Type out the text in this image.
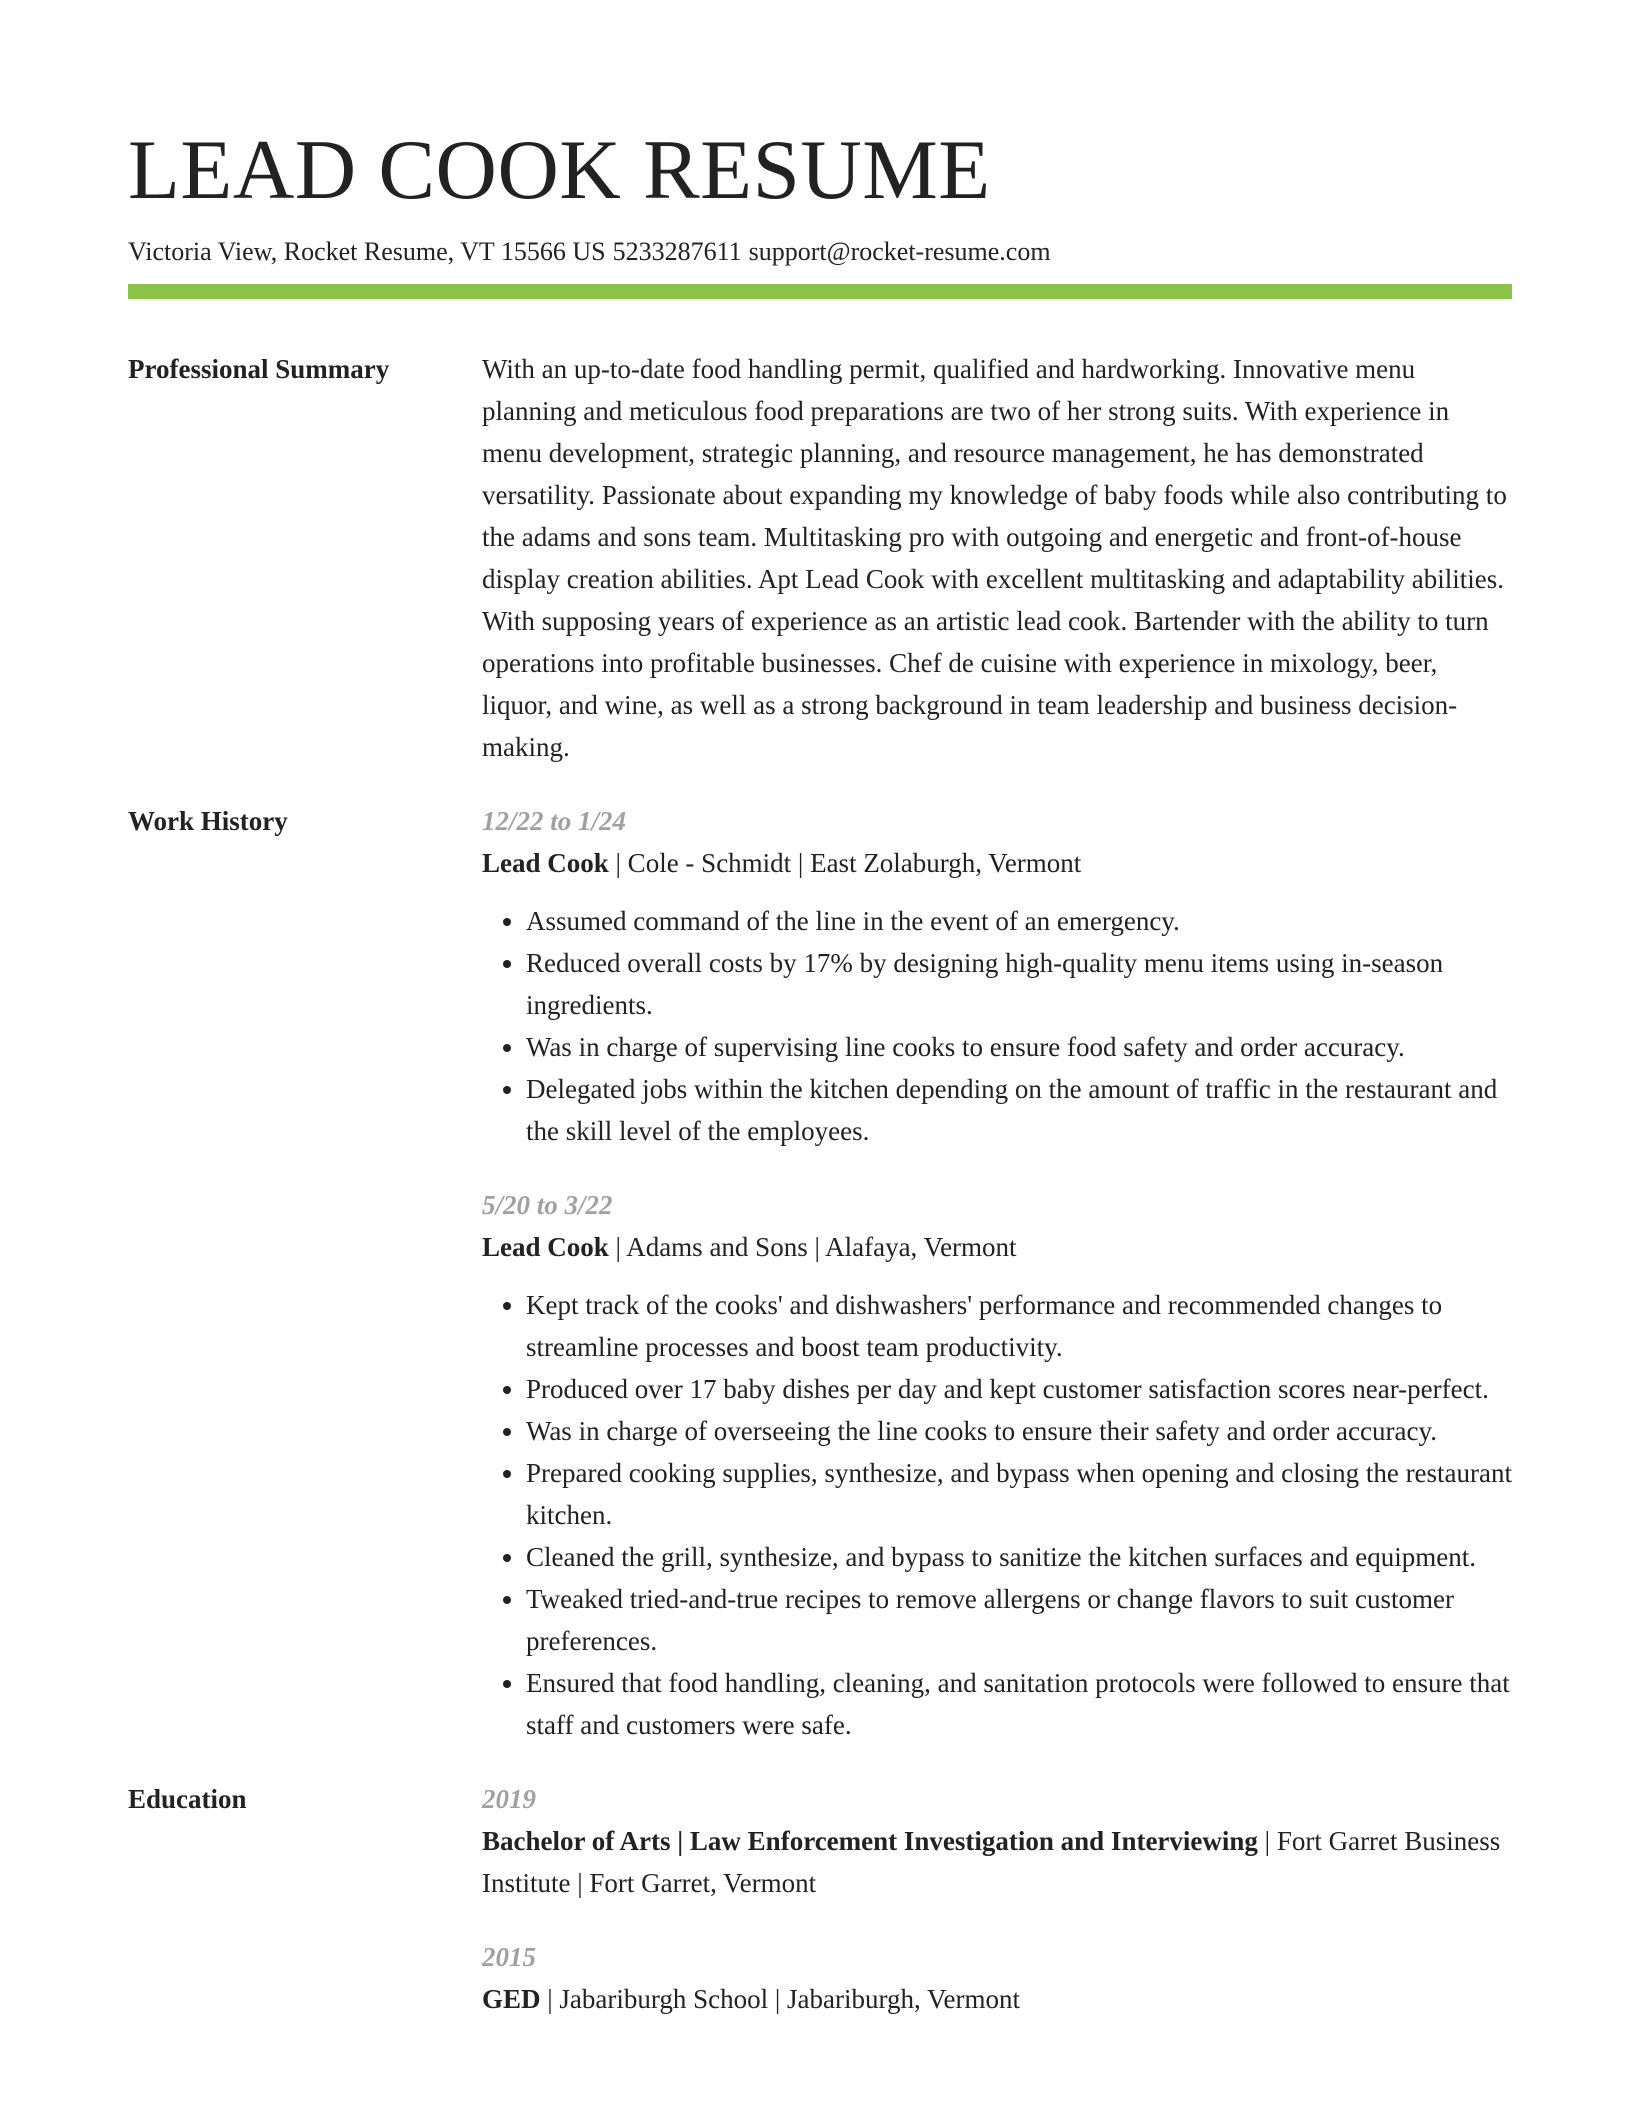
LEAD COOK RESUME
Victoria View, Rocket Resume, VT 15566 US 5233287611 support@rocket-resume.com
Professional Summary	With an up-to-date food handling permit, qualified and hardworking. Innovative menu planning and meticulous food preparations are two of her strong suits. With experience in menu development, strategic planning, and resource management, he has demonstrated versatility. Passionate about expanding my knowledge of baby foods while also contributing to the adams and sons team. Multitasking pro with outgoing and energetic and front-of-house display creation abilities. Apt Lead Cook with excellent multitasking and adaptability abilities. With supposing years of experience as an artistic lead cook. Bartender with the ability to turn operations into profitable businesses. Chef de cuisine with experience in mixology, beer, liquor, and wine, as well as a strong background in team leadership and business decision-making.

Work History	12/22 to 1/24
Lead Cook | Cole - Schmidt | East Zolaburgh, Vermont
• Assumed command of the line in the event of an emergency.
• Reduced overall costs by 17% by designing high-quality menu items using in-season ingredients.
• Was in charge of supervising line cooks to ensure food safety and order accuracy.
• Delegated jobs within the kitchen depending on the amount of traffic in the restaurant and the skill level of the employees.
5/20 to 3/22
Lead Cook | Adams and Sons | Alafaya, Vermont
• Kept track of the cooks' and dishwashers' performance and recommended changes to streamline processes and boost team productivity.
• Produced over 17 baby dishes per day and kept customer satisfaction scores near-perfect.
• Was in charge of overseeing the line cooks to ensure their safety and order accuracy.
• Prepared cooking supplies, synthesize, and bypass when opening and closing the restaurant kitchen.
• Cleaned the grill, synthesize, and bypass to sanitize the kitchen surfaces and equipment.
• Tweaked tried-and-true recipes to remove allergens or change flavors to suit customer preferences.
• Ensured that food handling, cleaning, and sanitation protocols were followed to ensure that staff and customers were safe.
Education	2019
Bachelor of Arts | Law Enforcement Investigation and Interviewing | Fort Garret Business Institute | Fort Garret, Vermont
2015
GED | Jabariburgh School | Jabariburgh, Vermont
